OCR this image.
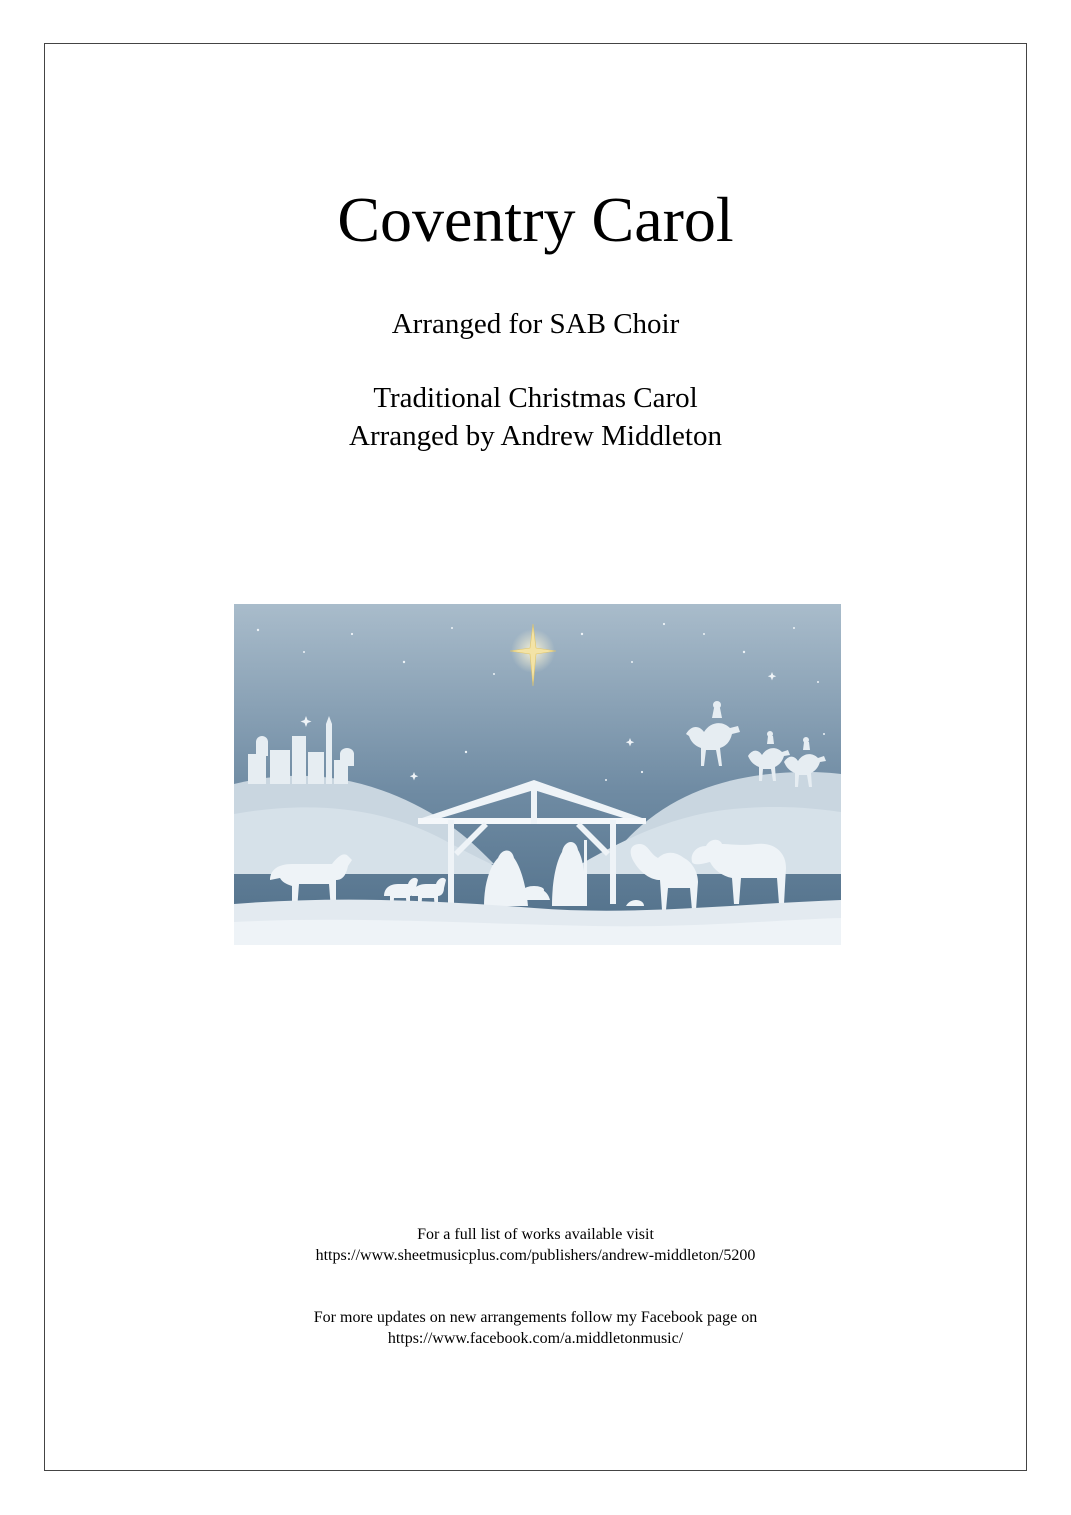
Coventry Carol
Arranged for SAB Choir
Traditional Christmas Carol
Arranged by Andrew Middleton
For a full list of works available visit
https://www.sheetmusicplus.com/publishers/andrew-middleton/5200
For more updates on new arrangements follow my Facebook page on
https://www.facebook.com/a.middletonmusic/
